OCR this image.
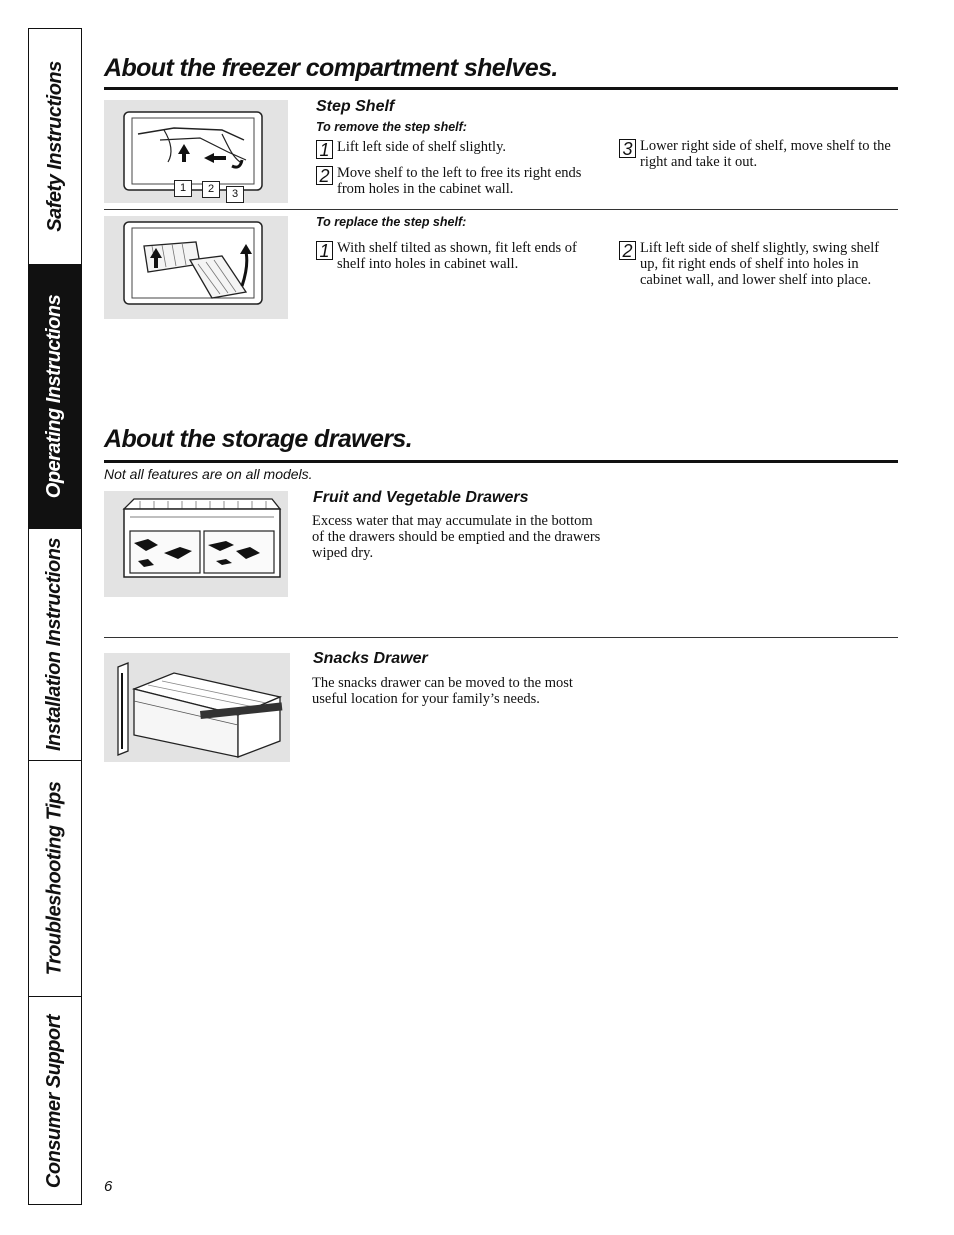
Safety Instructions
Operating Instructions
Installation Instructions
Troubleshooting Tips
Consumer Support
About the freezer compartment shelves.
1	2	3
Step Shelf
To remove the step shelf:
1 Lift left side of shelf slightly.
2 Move shelf to the left to free its right ends from holes in the cabinet wall.
3 Lower right side of shelf, move shelf to the right and take it out.
To replace the step shelf:
1 With shelf tilted as shown, fit left ends of shelf into holes in cabinet wall.
2 Lift left side of shelf slightly, swing shelf up, fit right ends of shelf into holes in cabinet wall, and lower shelf into place.
About the storage drawers.
Not all features are on all models.
Fruit and Vegetable Drawers
Excess water that may accumulate in the bottom of the drawers should be emptied and the drawers wiped dry.
Snacks Drawer
The snacks drawer can be moved to the most useful location for your family’s needs.
6
